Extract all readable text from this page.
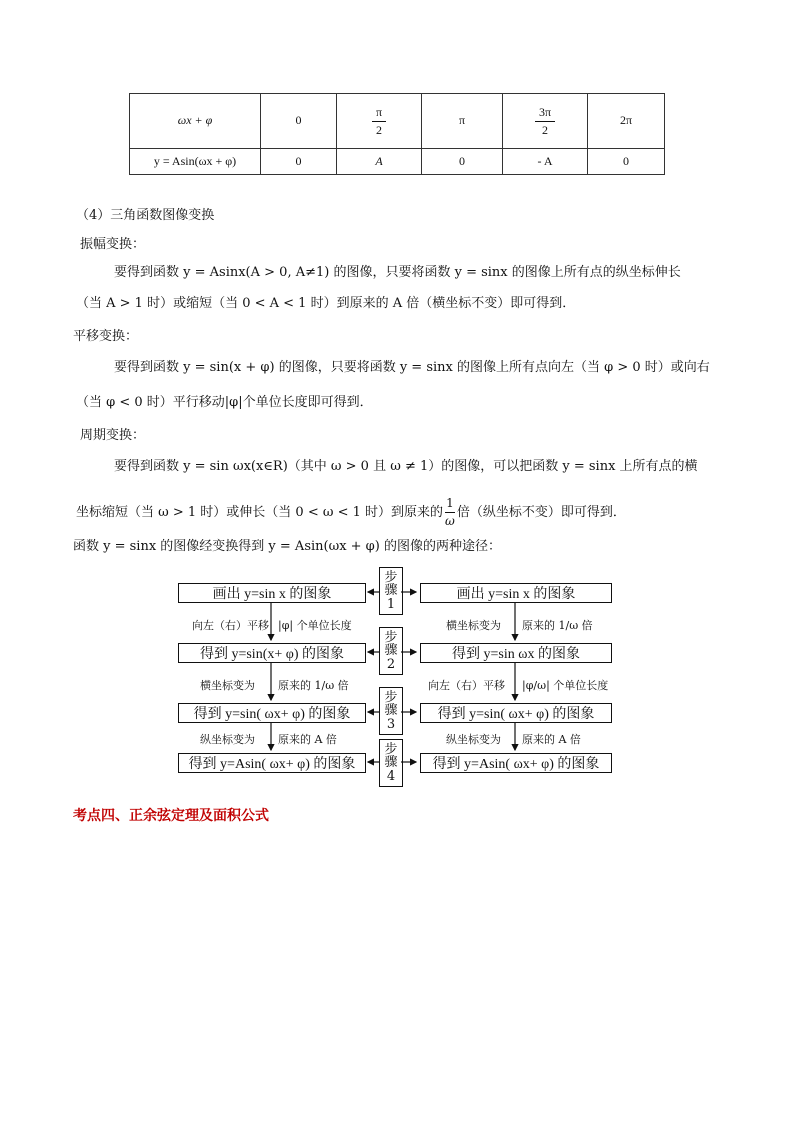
ωx + φ	0	$\frac{\pi}{2}$	π	$\frac{3\pi}{2}$	2π
y = Asin(ωx + φ)	0	A	0	- A	0
（4）三角函数图像变换
振幅变换：
要得到函数 y = Asinx(A > 0, A≠1) 的图像，只要将函数 y = sinx 的图像上所有点的纵坐标伸长
（当 A > 1 时）或缩短（当 0 < A < 1 时）到原来的 A 倍（横坐标不变）即可得到．
平移变换：
要得到函数 y = sin(x + φ) 的图像，只要将函数 y = sinx 的图像上所有点向左（当 φ > 0 时）或向右
（当 φ < 0 时）平行移动|φ|个单位长度即可得到．
周期变换：
要得到函数 y = sin ωx(x∈R)（其中 ω > 0 且 ω ≠ 1）的图像，可以把函数 y = sinx 上所有点的横
坐标缩短（当 ω > 1 时）或伸长（当 0 < ω < 1 时）到原来的 $\frac{1}{\omega}$ 倍（纵坐标不变）即可得到．
函数 y = sinx 的图像经变换得到 y = Asin(ωx + φ) 的图像的两种途径：
画出 y=sin x 的图象
得到 y=sin(x+ φ) 的图象
得到 y=sin( ωx+ φ) 的图象
得到 y=Asin( ωx+ φ) 的图象
画出 y=sin x 的图象
得到 y=sin ωx 的图象
得到 y=sin( ωx+ φ) 的图象
得到 y=Asin( ωx+ φ) 的图象
步
骤
1
步
骤
2
步
骤
3
步
骤
4
向左（右）平移 |φ| 个单位长度
横坐标变为 原来的 1/ω 倍
纵坐标变为 原来的 A 倍
横坐标变为 原来的 1/ω 倍
向左（右）平移 |φ/ω| 个单位长度
纵坐标变为 原来的 A 倍
考点四、正余弦定理及面积公式
